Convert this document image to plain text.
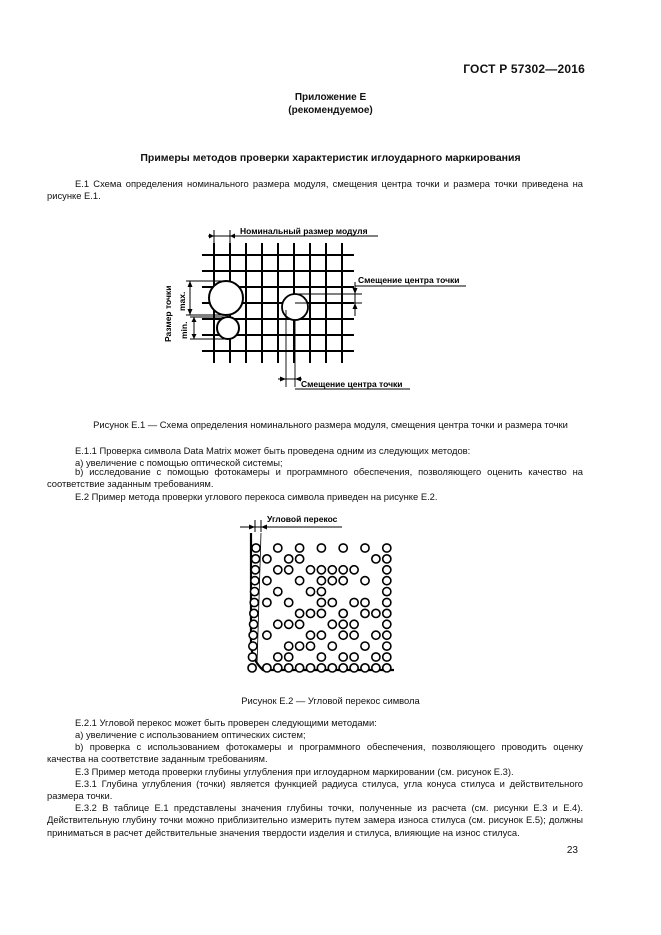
ГОСТ Р 57302—2016
Приложение Е
(рекомендуемое)
Примеры методов проверки характеристик иглоударного маркирования
Е.1 Схема определения номинального размера модуля, смещения центра точки и размера точки приведена на рисунке Е.1.
Номинальный размер модуля
Смещение центра точки
Смещение центра точки
Размер точки max.
min.
Рисунок Е.1 — Схема определения номинального размера модуля, смещения центра точки и размера точки
Е.1.1 Проверка символа Data Matrix может быть проведена одним из следующих методов:
а) увеличение с помощью оптической системы;
b) исследование с помощью фотокамеры и программного обеспечения, позволяющего оценить качество на соответствие заданным требованиям.
Е.2 Пример метода проверки углового перекоса символа приведен на рисунке Е.2.
Угловой перекос
Рисунок Е.2 — Угловой перекос символа
Е.2.1 Угловой перекос может быть проверен следующими методами:
а) увеличение с использованием оптических систем;
b) проверка с использованием фотокамеры и программного обеспечения, позволяющего проводить оценку качества на соответствие заданным требованиям.
Е.3 Пример метода проверки глубины углубления при иглоударном маркировании (см. рисунок Е.3).
Е.3.1 Глубина углубления (точки) является функцией радиуса стилуса, угла конуса стилуса и действительного размера точки.
Е.3.2 В таблице Е.1 представлены значения глубины точки, полученные из расчета (см. рисунки Е.3 и Е.4). Действительную глубину точки можно приблизительно измерить путем замера износа стилуса (см. рисунок Е.5); должны приниматься в расчет действительные значения твердости изделия и стилуса, влияющие на износ стилуса.
23
